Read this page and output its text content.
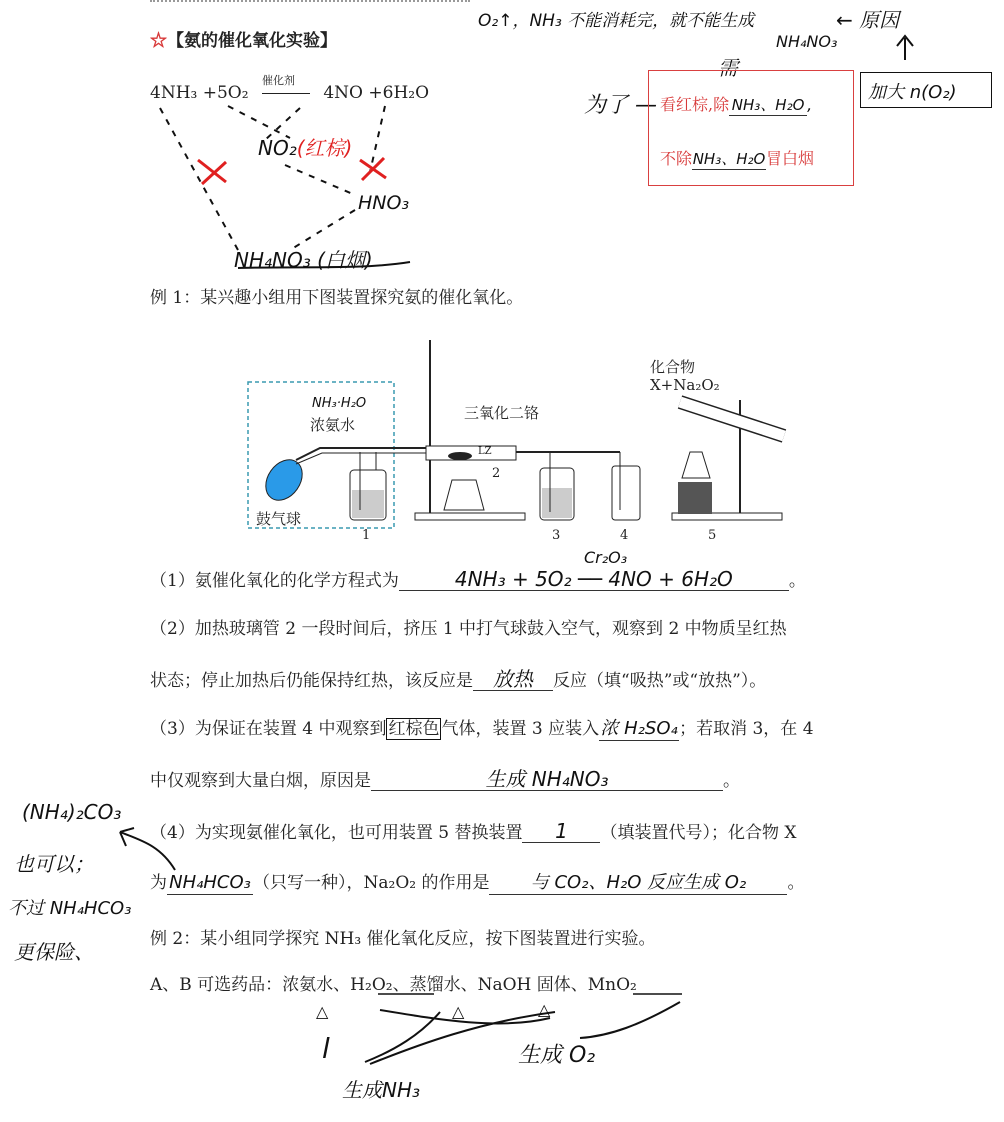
☆【氨的催化氧化实验】
4NH₃ +5O₂
催化剂
4NO +6H₂O
NO₂(红棕)
HNO₃
NH₄NO₃ (白烟)
O₂↑，NH₃ 不能消耗完，就不能生成	← 原因
NH₄NO₃
需
为了 — 看红棕,除 NH₃、H₂O ,
加大 n(O₂)
不除NH₃、H₂O冒白烟
例 1：某兴趣小组用下图装置探究氨的催化氧化。
NH₃·H₂O
浓氨水
三氧化二铬
LZ
化合物
X+Na₂O₂
鼓气球
1
2
3	4	5
（1）氨催化氧化的化学方程式为	4NH₃ + 5O₂ ── 4NO + 6H₂O	。
Cr₂O₃
（2）加热玻璃管 2 一段时间后，挤压 1 中打气球鼓入空气，观察到 2 中物质呈红热
状态；停止加热后仍能保持红热，该反应是 放热 反应（填“吸热”或“放热”）。
（3）为保证在装置 4 中观察到 红棕色 气体，装置 3 应装入浓 H₂SO₄；若取消 3，在 4
中仅观察到大量白烟，原因是	生成 NH₄NO₃	。
（4）为实现氨催化氧化，也可用装置 5 替换装置 1 （填装置代号）；化合物 X
为 NH₄HCO₃ （只写一种），Na₂O₂ 的作用是 与 CO₂、H₂O 反应生成 O₂ 。
(NH₄)₂CO₃
也可以；
不过 NH₄HCO₃
更保险、
例 2：某小组同学探究 NH₃ 催化氧化反应，按下图装置进行实验。
A、B 可选药品：浓氨水、H₂O₂、蒸馏水、NaOH 固体、MnO₂
△	△	△
l	生成 O₂
生成NH₃
